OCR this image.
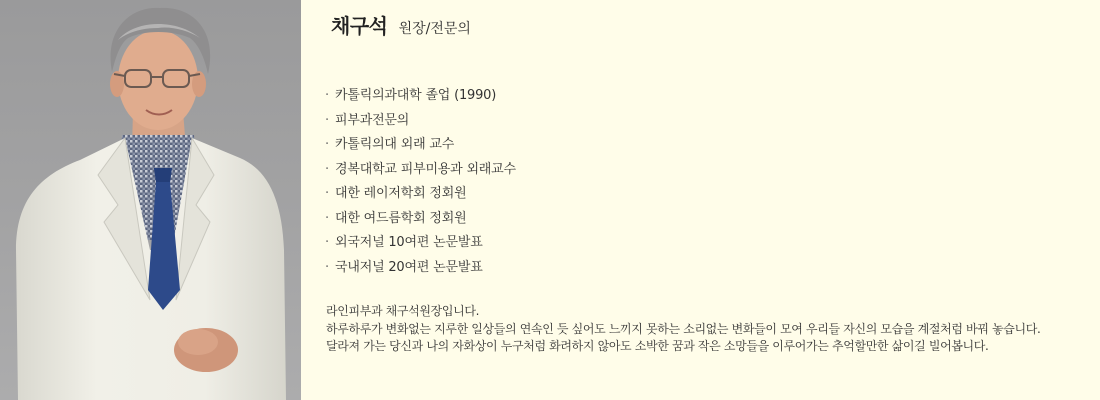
채구석 원장/전문의
· 카톨릭의과대학 졸업 (1990)
· 피부과전문의
· 카톨릭의대 외래 교수
· 경복대학교 피부미용과 외래교수
· 대한 레이저학회 정회원
· 대한 여드름학회 정회원
· 외국저널 10여편 논문발표
· 국내저널 20여편 논문발표

라인피부과 채구석원장입니다.

하루하루가 변화없는 지루한 일상들의 연속인 듯 싶어도 느끼지 못하는 소리없는 변화들이 모여 우리들 자신의 모습을 계절처럼 바꿔 놓습니다.

달라져 가는 당신과 나의 자화상이 누구처럼 화려하지 않아도 소박한 꿈과 작은 소망들을 이루어가는 추억할만한 삶이길 빌어봅니다.
